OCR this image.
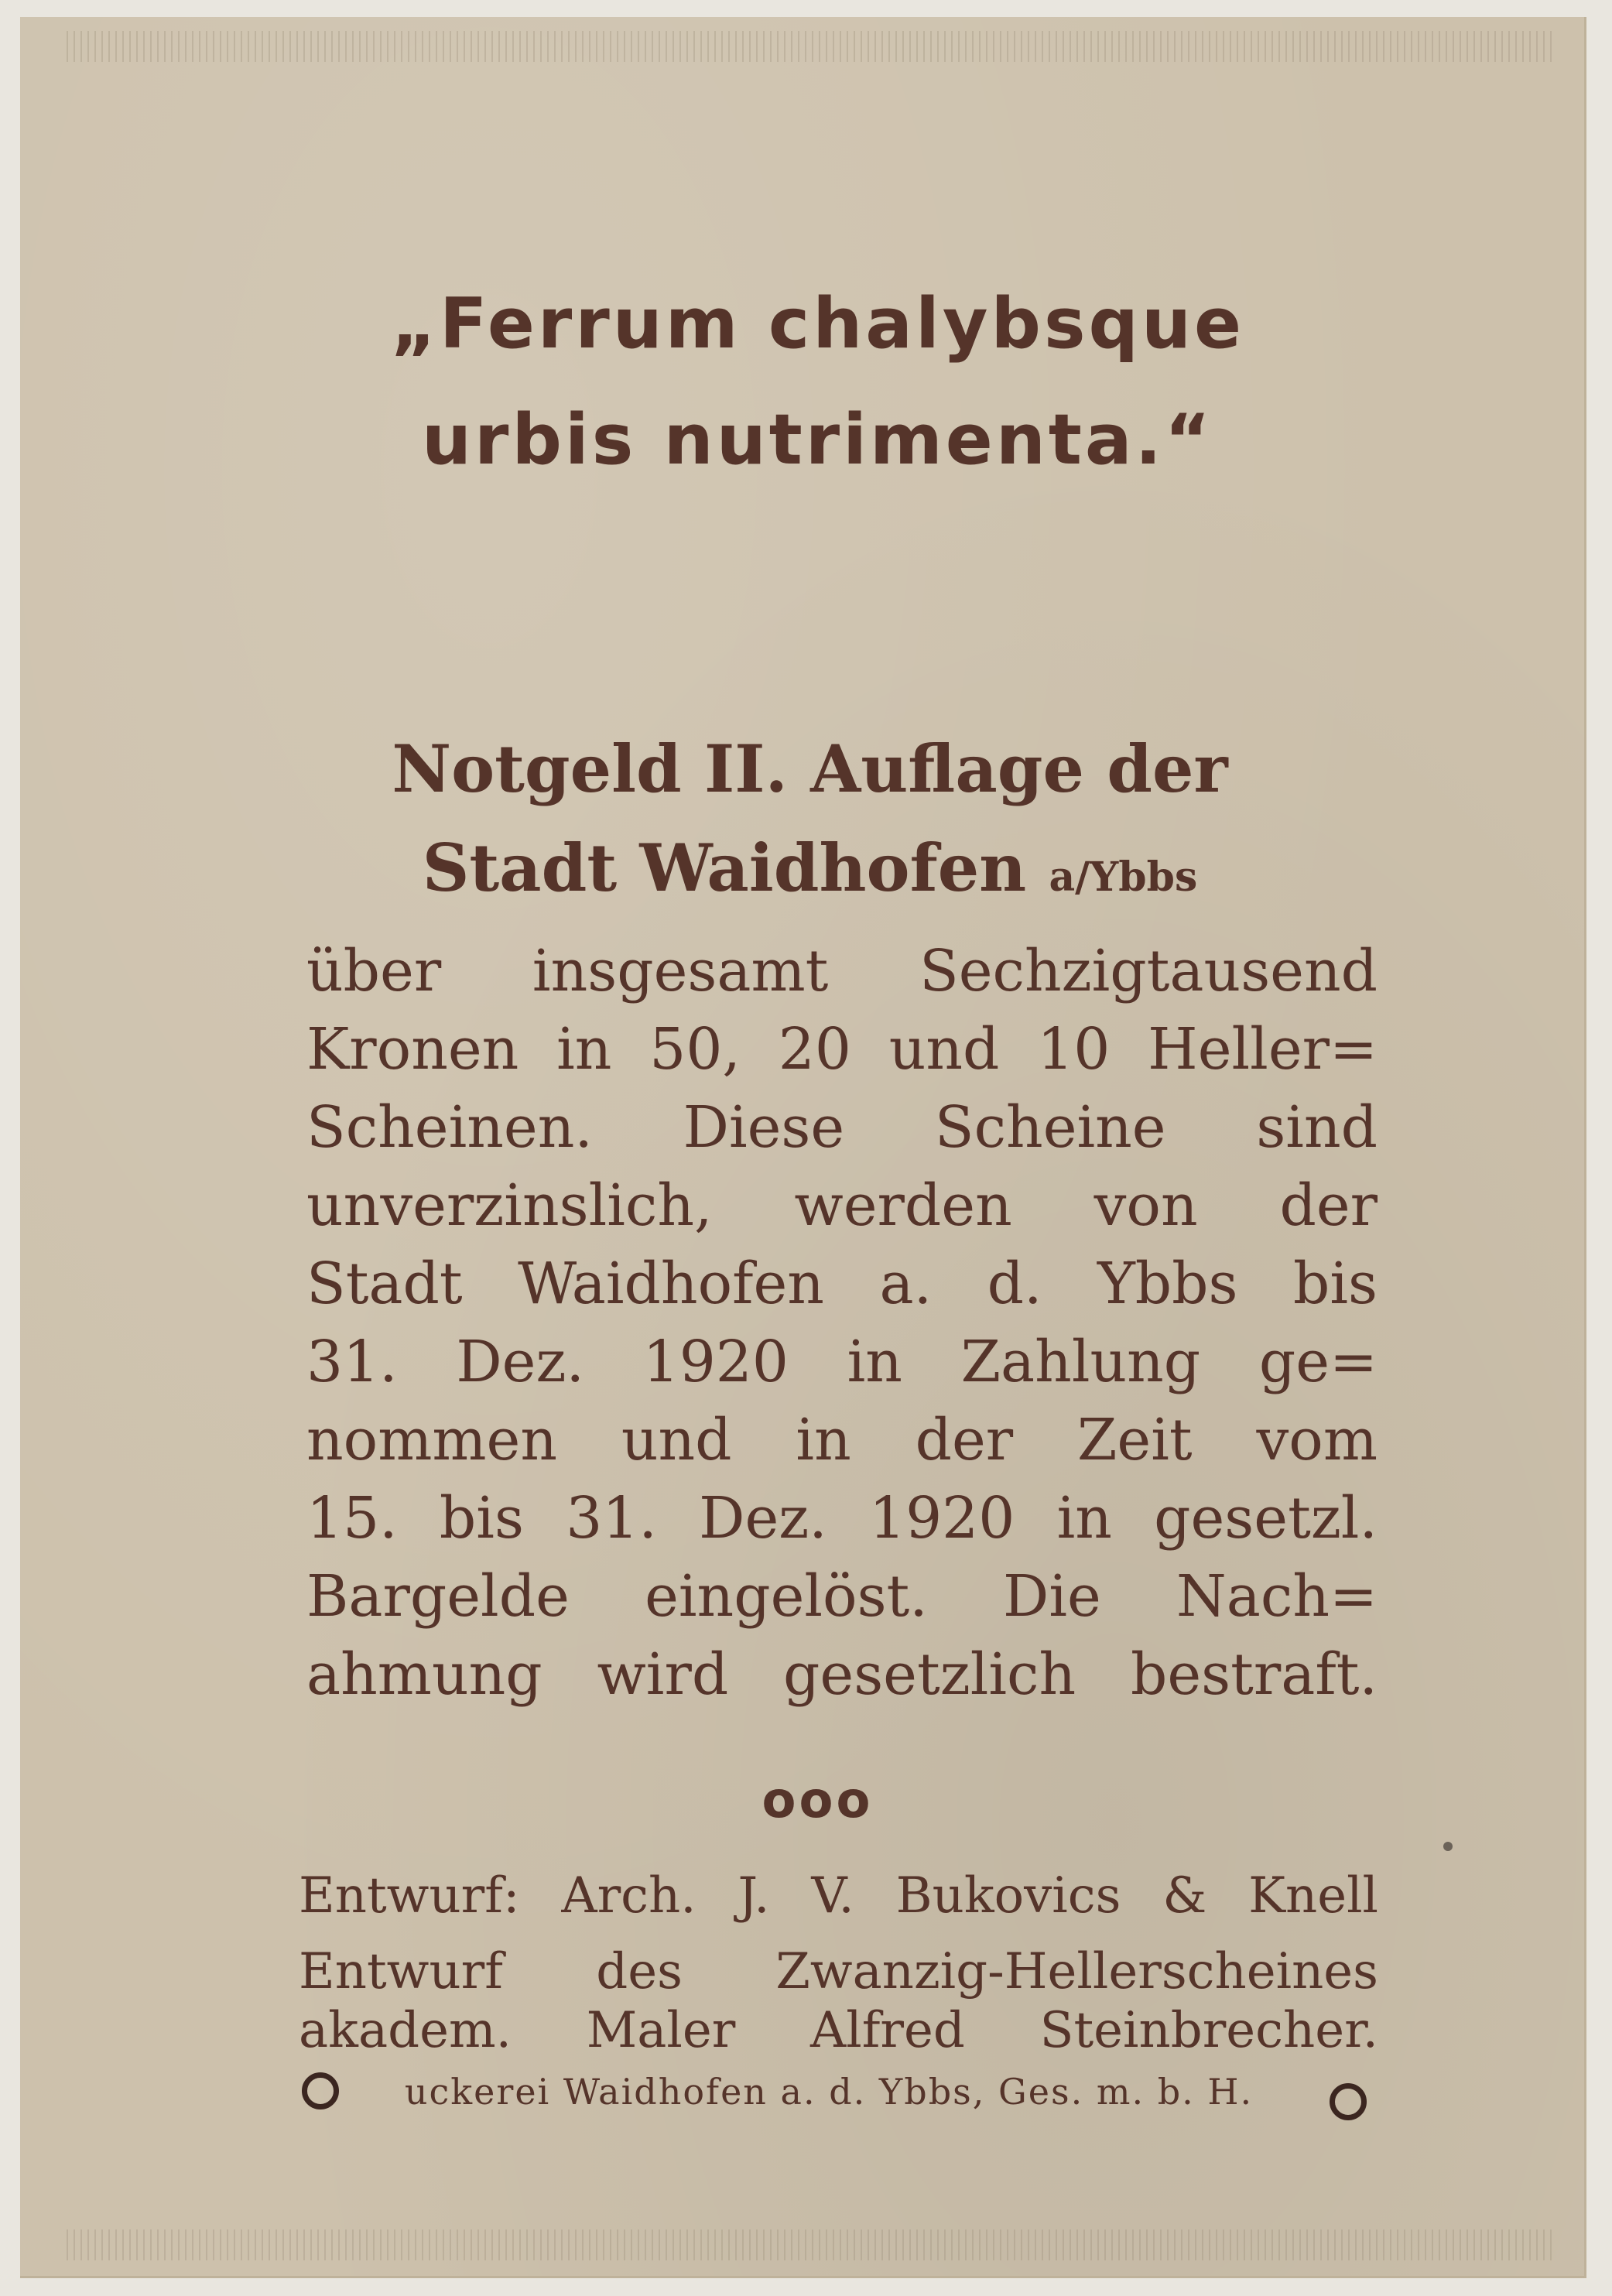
„Ferrum chalybsque
urbis nutrimenta.“
Notgeld II. Auflage der
Stadt Waidhofen a/Ybbs
über insgesamt Sechzigtausend
Kronen in 50, 20 und 10 Heller=
Scheinen. Diese Scheine sind
unverzinslich, werden von der
Stadt Waidhofen a. d. Ybbs bis
31. Dez. 1920 in Zahlung ge=
nommen und in der Zeit vom
15. bis 31. Dez. 1920 in gesetzl.
Bargelde eingelöst. Die Nach=
ahmung wird gesetzlich bestraft.
ooo
Entwurf: Arch. J. V. Bukovics & Knell
Entwurf des Zwanzig-Hellerscheines
akadem. Maler Alfred Steinbrecher.
uckerei Waidhofen a. d. Ybbs, Ges. m. b. H.
